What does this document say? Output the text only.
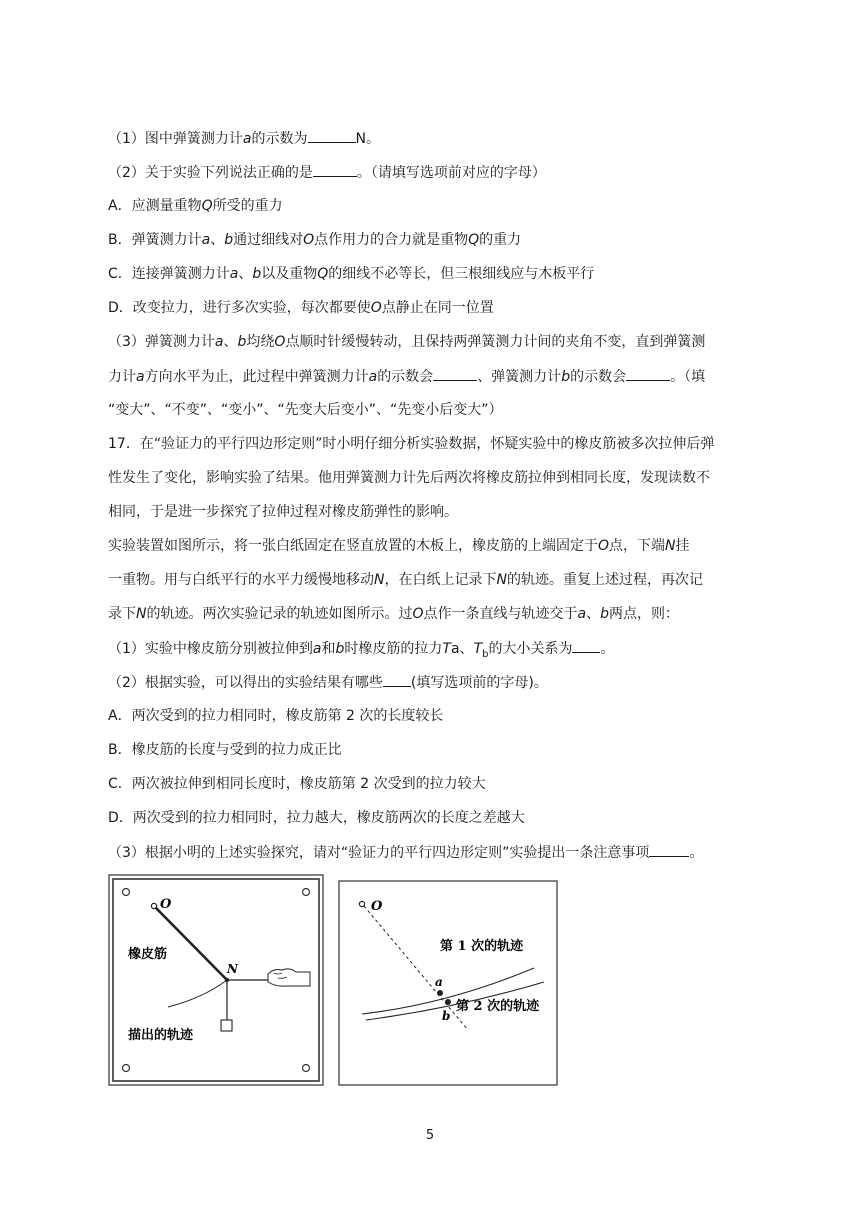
（1）图中弹簧测力计a的示数为	N。
（2）关于实验下列说法正确的是	。（请填写选项前对应的字母）
A．应测量重物Q所受的重力
B．弹簧测力计a、b通过细线对O点作用力的合力就是重物Q的重力
C．连接弹簧测力计a、b以及重物Q的细线不必等长，但三根细线应与木板平行
D．改变拉力，进行多次实验，每次都要使O点静止在同一位置
（3）弹簧测力计a、b均绕O点顺时针缓慢转动，且保持两弹簧测力计间的夹角不变，直到弹簧测
力计a方向水平为止，此过程中弹簧测力计a的示数会	、弹簧测力计b的示数会	。（填
“变大”、“不变”、“变小”、“先变大后变小”、“先变小后变大”）
17．在“验证力的平行四边形定则”时小明仔细分析实验数据，怀疑实验中的橡皮筋被多次拉伸后弹
性发生了变化，影响实验了结果。他用弹簧测力计先后两次将橡皮筋拉伸到相同长度，发现读数不
相同，于是进一步探究了拉伸过程对橡皮筋弹性的影响。
实验装置如图所示，将一张白纸固定在竖直放置的木板上，橡皮筋的上端固定于O点，下端N挂
一重物。用与白纸平行的水平力缓慢地移动N，在白纸上记录下N的轨迹。重复上述过程，再次记
录下N的轨迹。两次实验记录的轨迹如图所示。过O点作一条直线与轨迹交于a、b两点，则：
（1）实验中橡皮筋分别被拉伸到a和b时橡皮筋的拉力Ta、$T_b$的大小关系为 。
（2）根据实验，可以得出的实验结果有哪些 (填写选项前的字母)。
A．两次受到的拉力相同时，橡皮筋第 2 次的长度较长
B．橡皮筋的长度与受到的拉力成正比
C．两次被拉伸到相同长度时，橡皮筋第 2 次受到的拉力较大
D．两次受到的拉力相同时，拉力越大，橡皮筋两次的长度之差越大
（3）根据小明的上述实验探究，请对“验证力的平行四边形定则”实验提出一条注意事项	。
O
N
橡皮筋
描出的轨迹
O
第 1 次的轨迹
第 2 次的轨迹
a
b
5
